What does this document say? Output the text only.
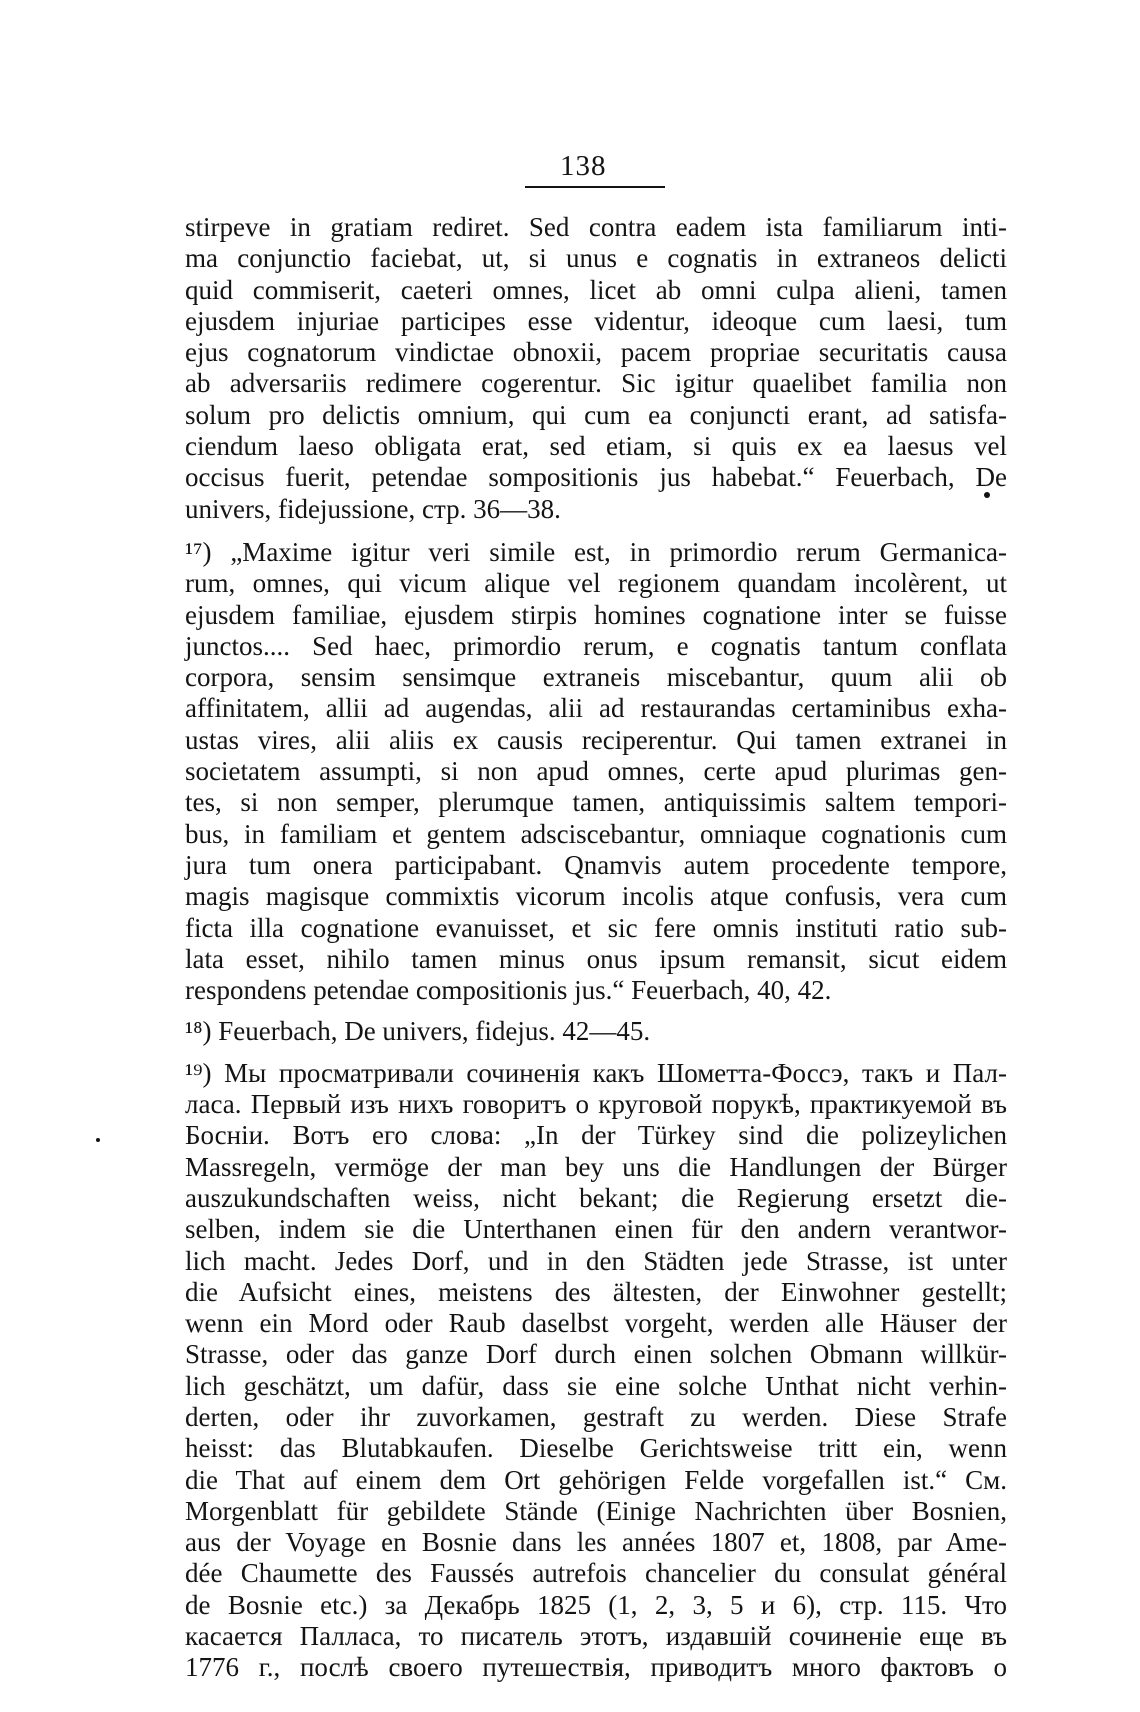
138

stirpeve in gratiam rediret. Sed contra eadem ista familiarum inti-

ma conjunctio faciebat, ut, si unus e cognatis in extraneos delicti

quid commiserit, caeteri omnes, licet ab omni culpa alieni, tamen

ejusdem injuriae participes esse videntur, ideoque cum laesi, tum

ejus cognatorum vindictae obnoxii, pacem propriae securitatis causa

ab adversariis redimere cogerentur. Sic igitur quaelibet familia non

solum pro delictis omnium, qui cum ea conjuncti erant, ad satisfa-

ciendum laeso obligata erat, sed etiam, si quis ex ea laesus vel

occisus fuerit, petendae sompositionis jus habebat.“ Feuerbach, De

univers, fidejussione, стр. 36—38.

¹⁷) „Maxime igitur veri simile est, in primordio rerum Germanica-

rum, omnes, qui vicum alique vel regionem quandam incolèrent, ut

ejusdem familiae, ejusdem stirpis homines cognatione inter se fuisse

junctos.... Sed haec, primordio rerum, e cognatis tantum conflata

corpora, sensim sensimque extraneis miscebantur, quum alii ob

affinitatem, allii ad augendas, alii ad restaurandas certaminibus exha-

ustas vires, alii aliis ex causis reciperentur. Qui tamen extranei in

societatem assumpti, si non apud omnes, certe apud plurimas gen-

tes, si non semper, plerumque tamen, antiquissimis saltem tempori-

bus, in familiam et gentem adsciscebantur, omniaque cognationis cum

jura tum onera participabant. Qnamvis autem procedente tempore,

magis magisque commixtis vicorum incolis atque confusis, vera cum

ficta illa cognatione evanuisset, et sic fere omnis instituti ratio sub-

lata esset, nihilo tamen minus onus ipsum remansit, sicut eidem

respondens petendae compositionis jus.“ Feuerbach, 40, 42.

¹⁸) Feuerbach, De univers, fidejus. 42—45.

¹⁹) Мы просматривали сочиненія какъ Шометта-Фоссэ, такъ и Пал-

ласа. Первый изъ нихъ говоритъ о круговой порукѣ, практикуемой въ

Босніи. Вотъ его слова: „In der Türkey sind die polizeylichen

Massregeln, vermöge der man bey uns die Handlungen der Bürger

auszukundschaften weiss, nicht bekant; die Regierung ersetzt die-

selben, indem sie die Unterthanen einen für den andern verantwor-

lich macht. Jedes Dorf, und in den Städten jede Strasse, ist unter

die Aufsicht eines, meistens des ältesten, der Einwohner gestellt;

wenn ein Mord oder Raub daselbst vorgeht, werden alle Häuser der

Strasse, oder das ganze Dorf durch einen solchen Obmann willkür-

lich geschätzt, um dafür, dass sie eine solche Unthat nicht verhin-

derten, oder ihr zuvorkamen, gestraft zu werden. Diese Strafe

heisst: das Blutabkaufen. Dieselbe Gerichtsweise tritt ein, wenn

die That auf einem dem Ort gehörigen Felde vorgefallen ist.“ См.

Morgenblatt für gebildete Stände (Einige Nachrichten über Bosnien,

aus der Voyage en Bosnie dans les années 1807 et, 1808, par Ame-

dée Chaumette des Faussés autrefois chancelier du consulat général

de Bosnie etc.) за Декабрь 1825 (1, 2, 3, 5 и 6), стр. 115. Что

касается Палласа, то писатель этотъ, издавшій сочиненіе еще въ

1776 г., послѣ своего путешествія, приводитъ много фактовъ о
